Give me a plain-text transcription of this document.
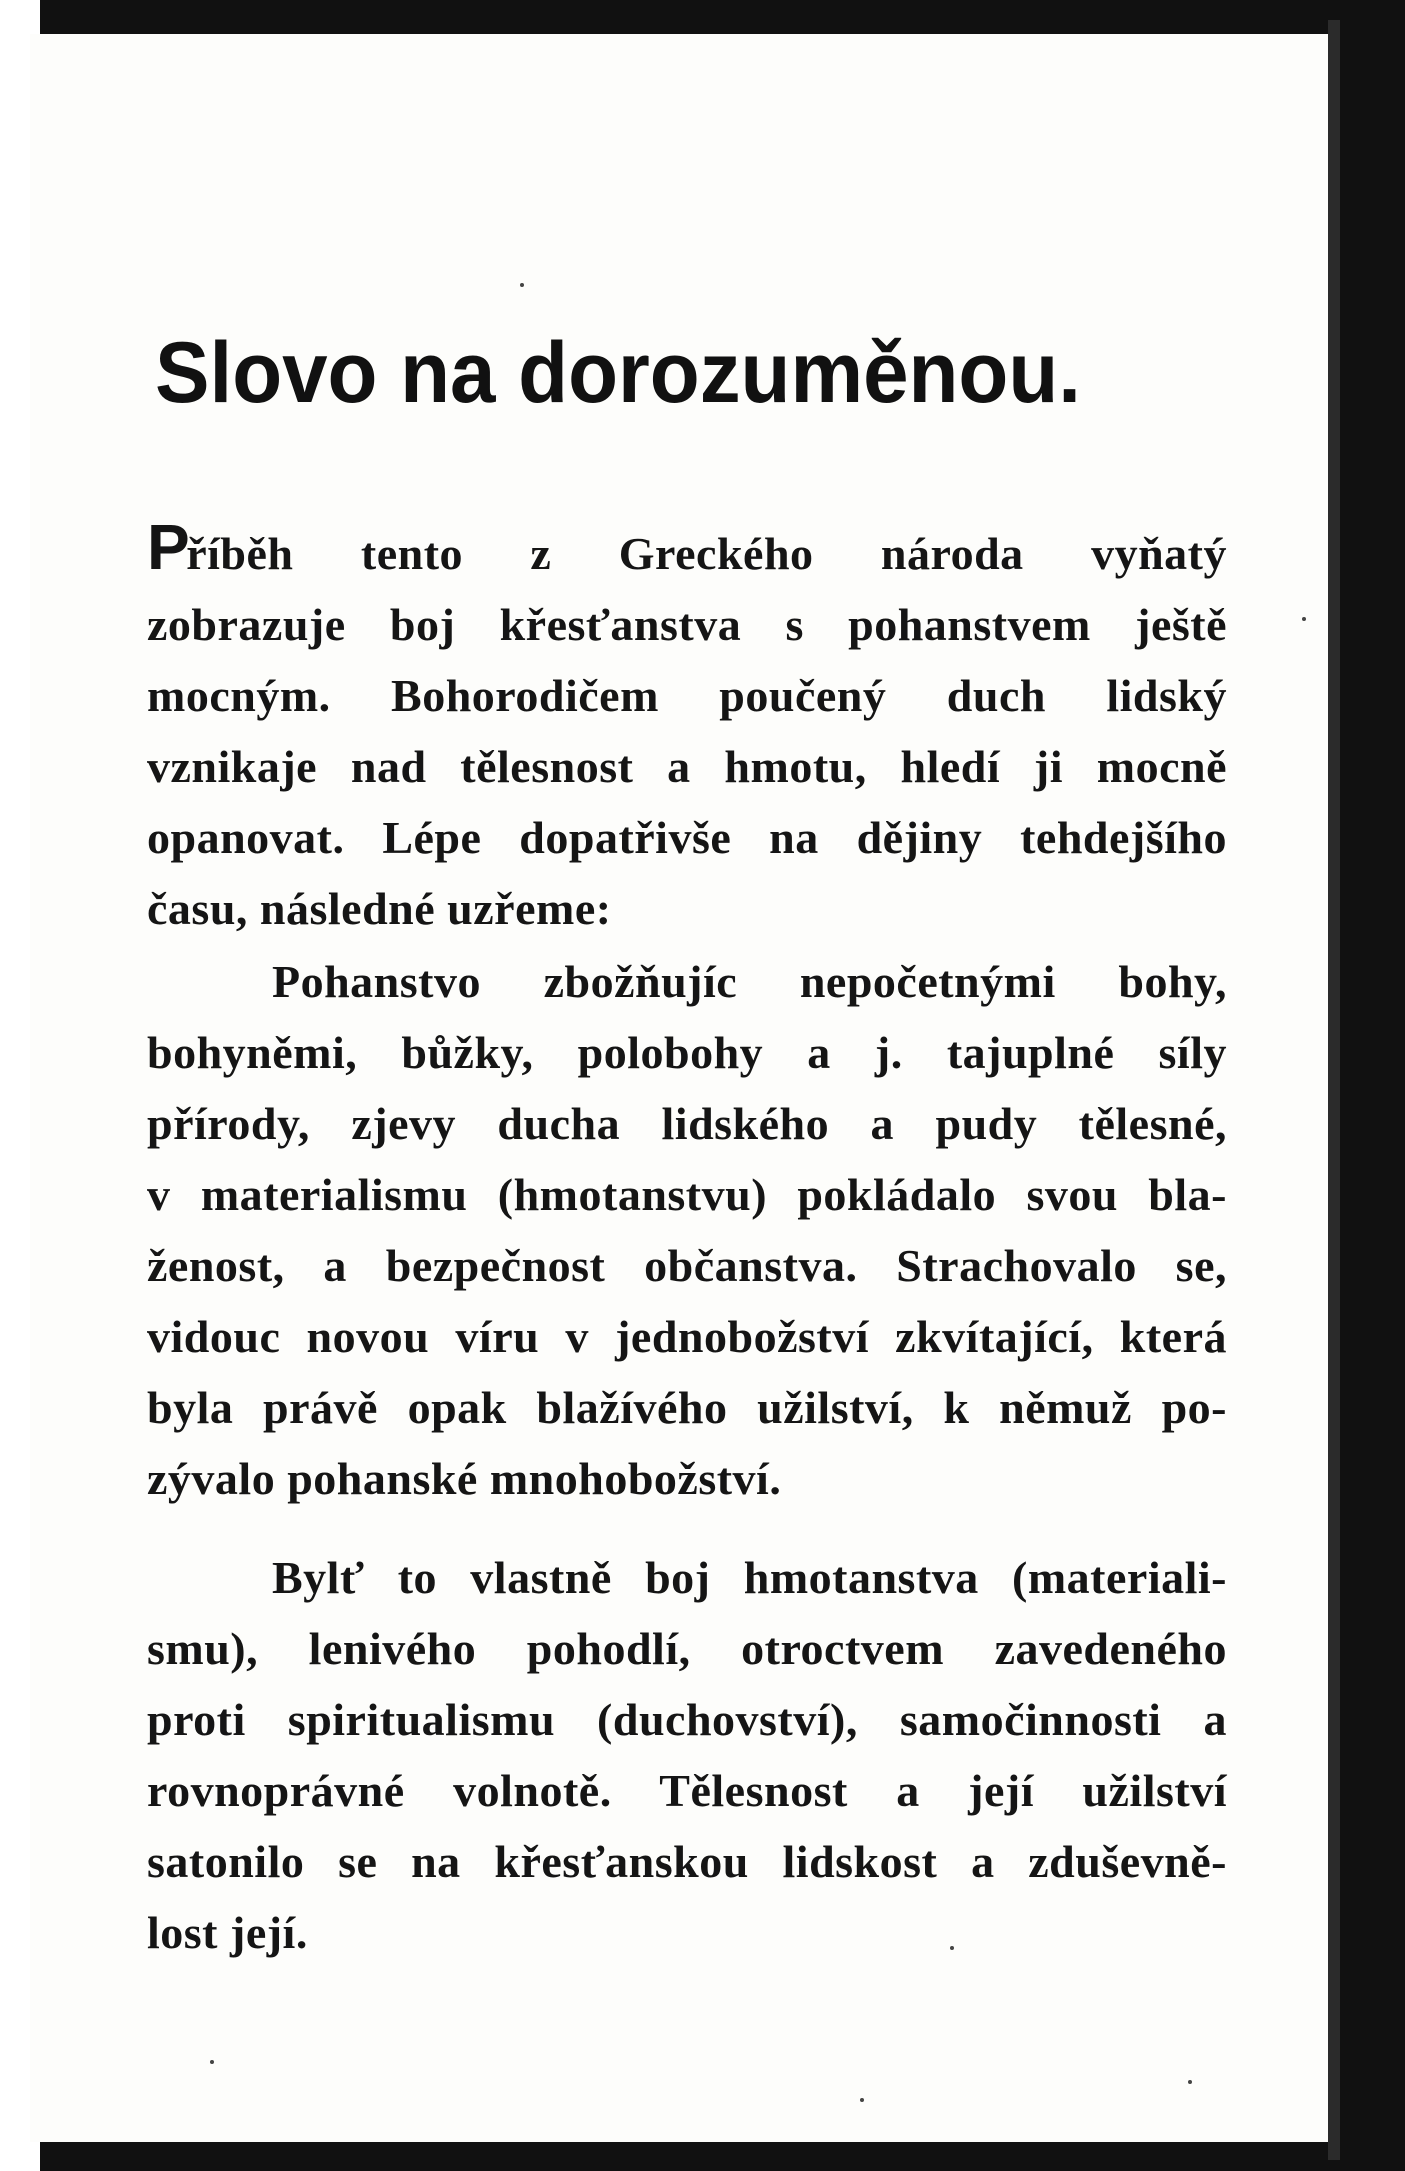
Slovo na dorozuměnou.
Příběh tento z Greckého národa vyňatý
zobrazuje boj křesťanstva s pohanstvem ještě
mocným. Bohorodičem poučený duch lidský
vznikaje nad tělesnost a hmotu, hledí ji mocně
opanovat. Lépe dopatřivše na dějiny tehdejšího
času, následné uzřeme:
Pohanstvo zbožňujíc nepočetnými bohy,
bohyněmi, bůžky, polobohy a j. tajuplné síly
přírody, zjevy ducha lidského a pudy tělesné,
v materialismu (hmotanstvu) pokládalo svou bla-
ženost, a bezpečnost občanstva. Strachovalo se,
vidouc novou víru v jednobožství zkvítající, která
byla právě opak blažívého užilství, k němuž po-
zývalo pohanské mnohobožství.
Bylť to vlastně boj hmotanstva (materiali-
smu), lenivého pohodlí, otroctvem zavedeného
proti spiritualismu (duchovství), samočinnosti a
rovnoprávné volnotě. Tělesnost a její užilství
satonilo se na křesťanskou lidskost a zduševně-
lost její.
